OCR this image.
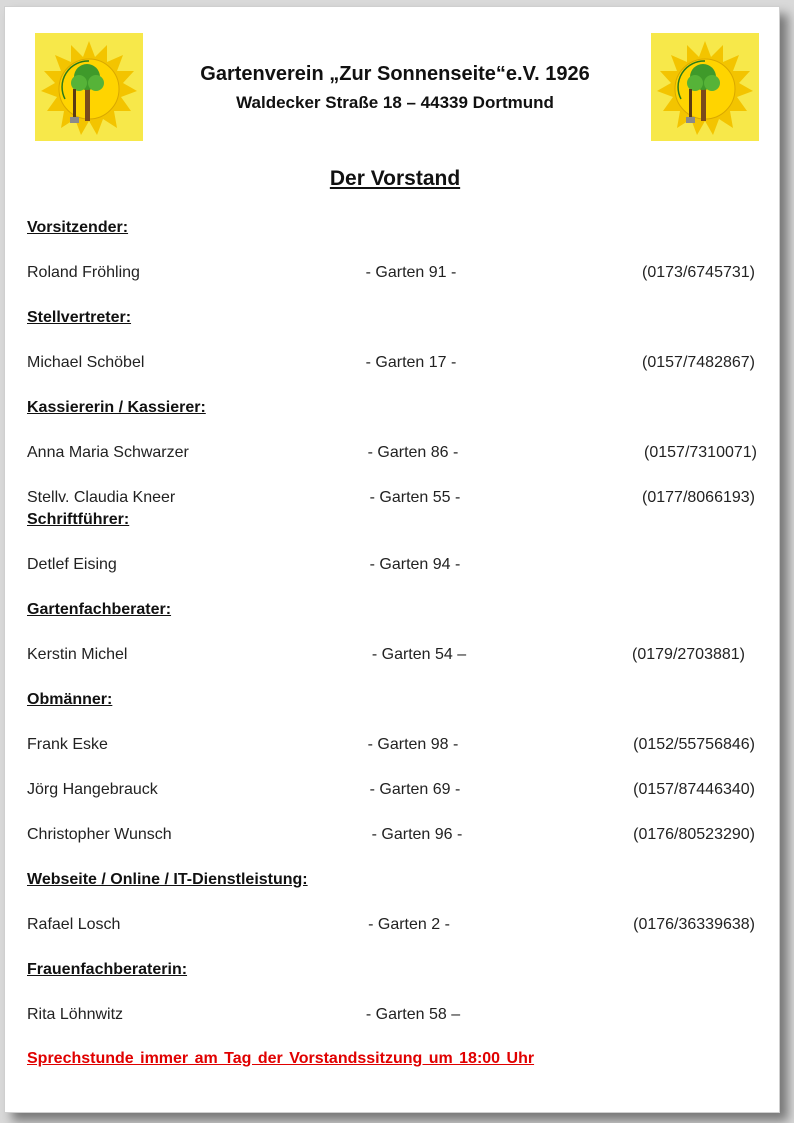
Gartenverein „Zur Sonnenseite“e.V. 1926
Waldecker Straße 18 – 44339 Dortmund
Der Vorstand
Vorsitzender:
Roland Fröhling	- Garten 91 -	(0173/6745731)
Stellvertreter:
Michael Schöbel	- Garten 17 -	(0157/7482867)
Kassiererin / Kassierer:
Anna Maria Schwarzer	- Garten 86 -	(0157/7310071)
Stellv. Claudia Kneer	- Garten 55 -	(0177/8066193)
Schriftführer:
Detlef Eising	- Garten 94 -
Gartenfachberater:
Kerstin Michel	- Garten 54 –	(0179/2703881)
Obmänner:
Frank Eske	- Garten 98 -	(0152/55756846)
Jörg Hangebrauck	- Garten 69 -	(0157/87446340)
Christopher Wunsch	- Garten 96 -	(0176/80523290)
Webseite / Online / IT-Dienstleistung:
Rafael Losch	- Garten 2 -	(0176/36339638)
Frauenfachberaterin:
Rita Löhnwitz	- Garten 58 –
Sprechstunde immer am Tag der Vorstandssitzung um 18:00 Uhr
